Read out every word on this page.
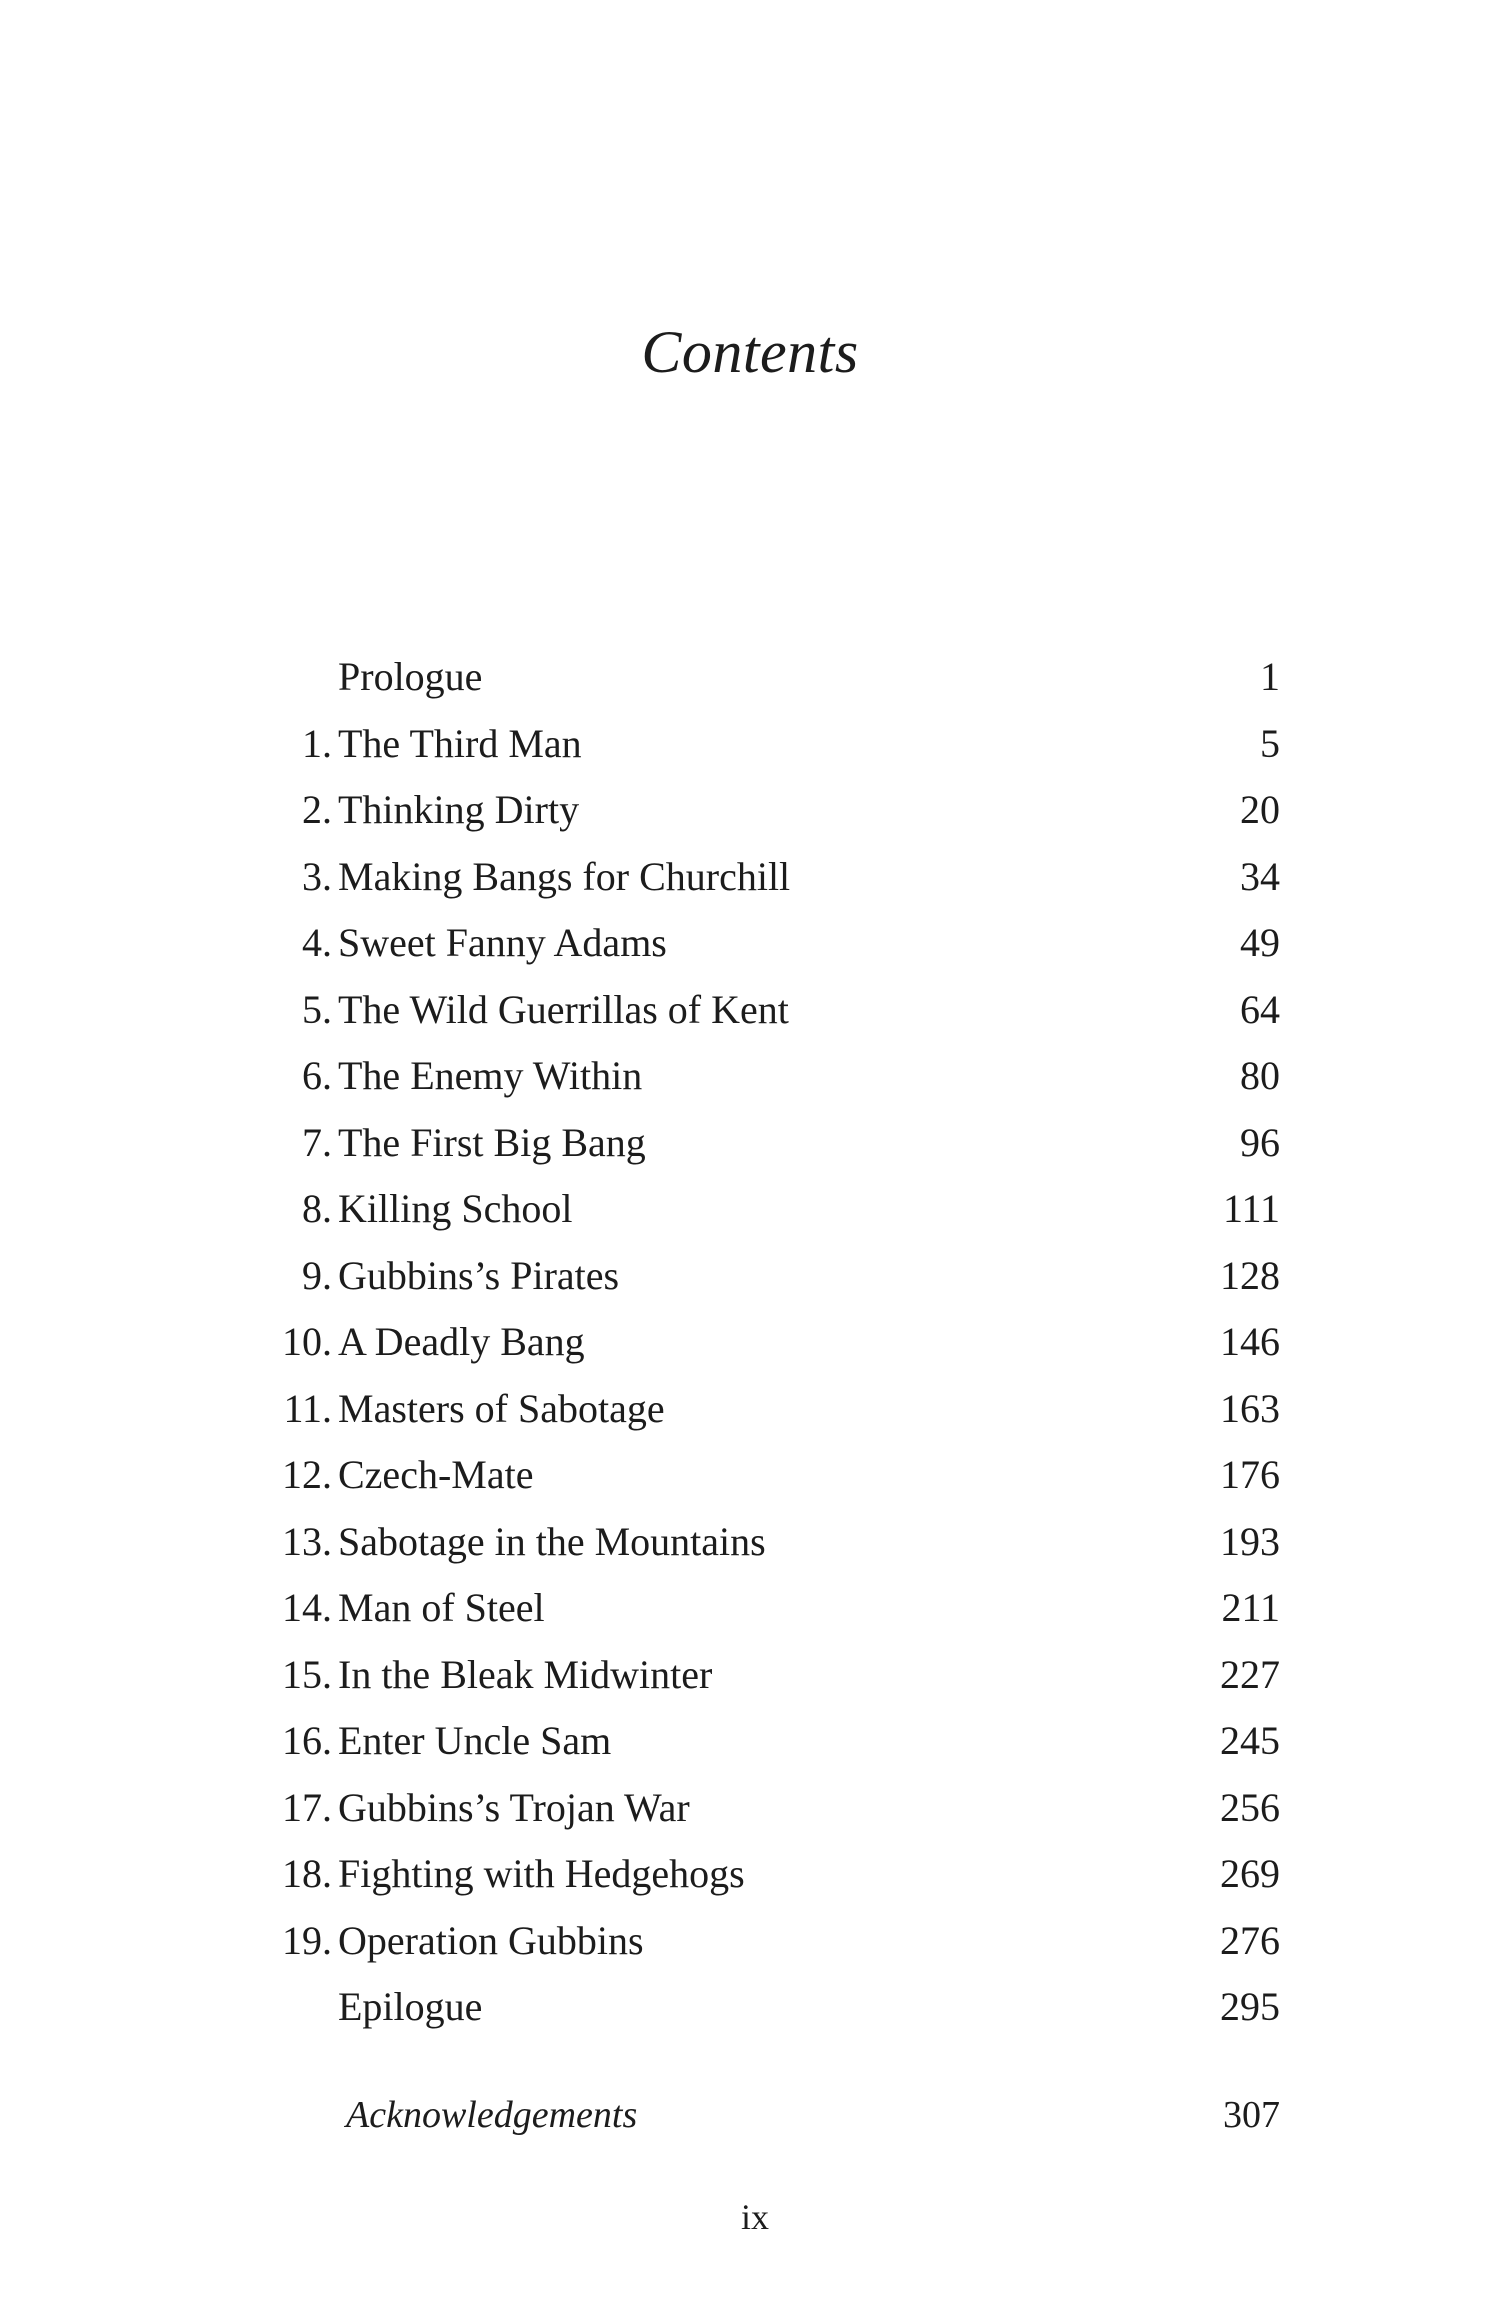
Contents
Prologue	1
1. The Third Man	5
2. Thinking Dirty	20
3. Making Bangs for Churchill	34
4. Sweet Fanny Adams	49
5. The Wild Guerrillas of Kent	64
6. The Enemy Within	80
7. The First Big Bang	96
8. Killing School	111
9. Gubbins’s Pirates	128
10. A Deadly Bang	146
11. Masters of Sabotage	163
12. Czech-Mate	176
13. Sabotage in the Mountains	193
14. Man of Steel	211
15. In the Bleak Midwinter	227
16. Enter Uncle Sam	245
17. Gubbins’s Trojan War	256
18. Fighting with Hedgehogs	269
19. Operation Gubbins	276
Epilogue	295
Acknowledgements	307
ix
